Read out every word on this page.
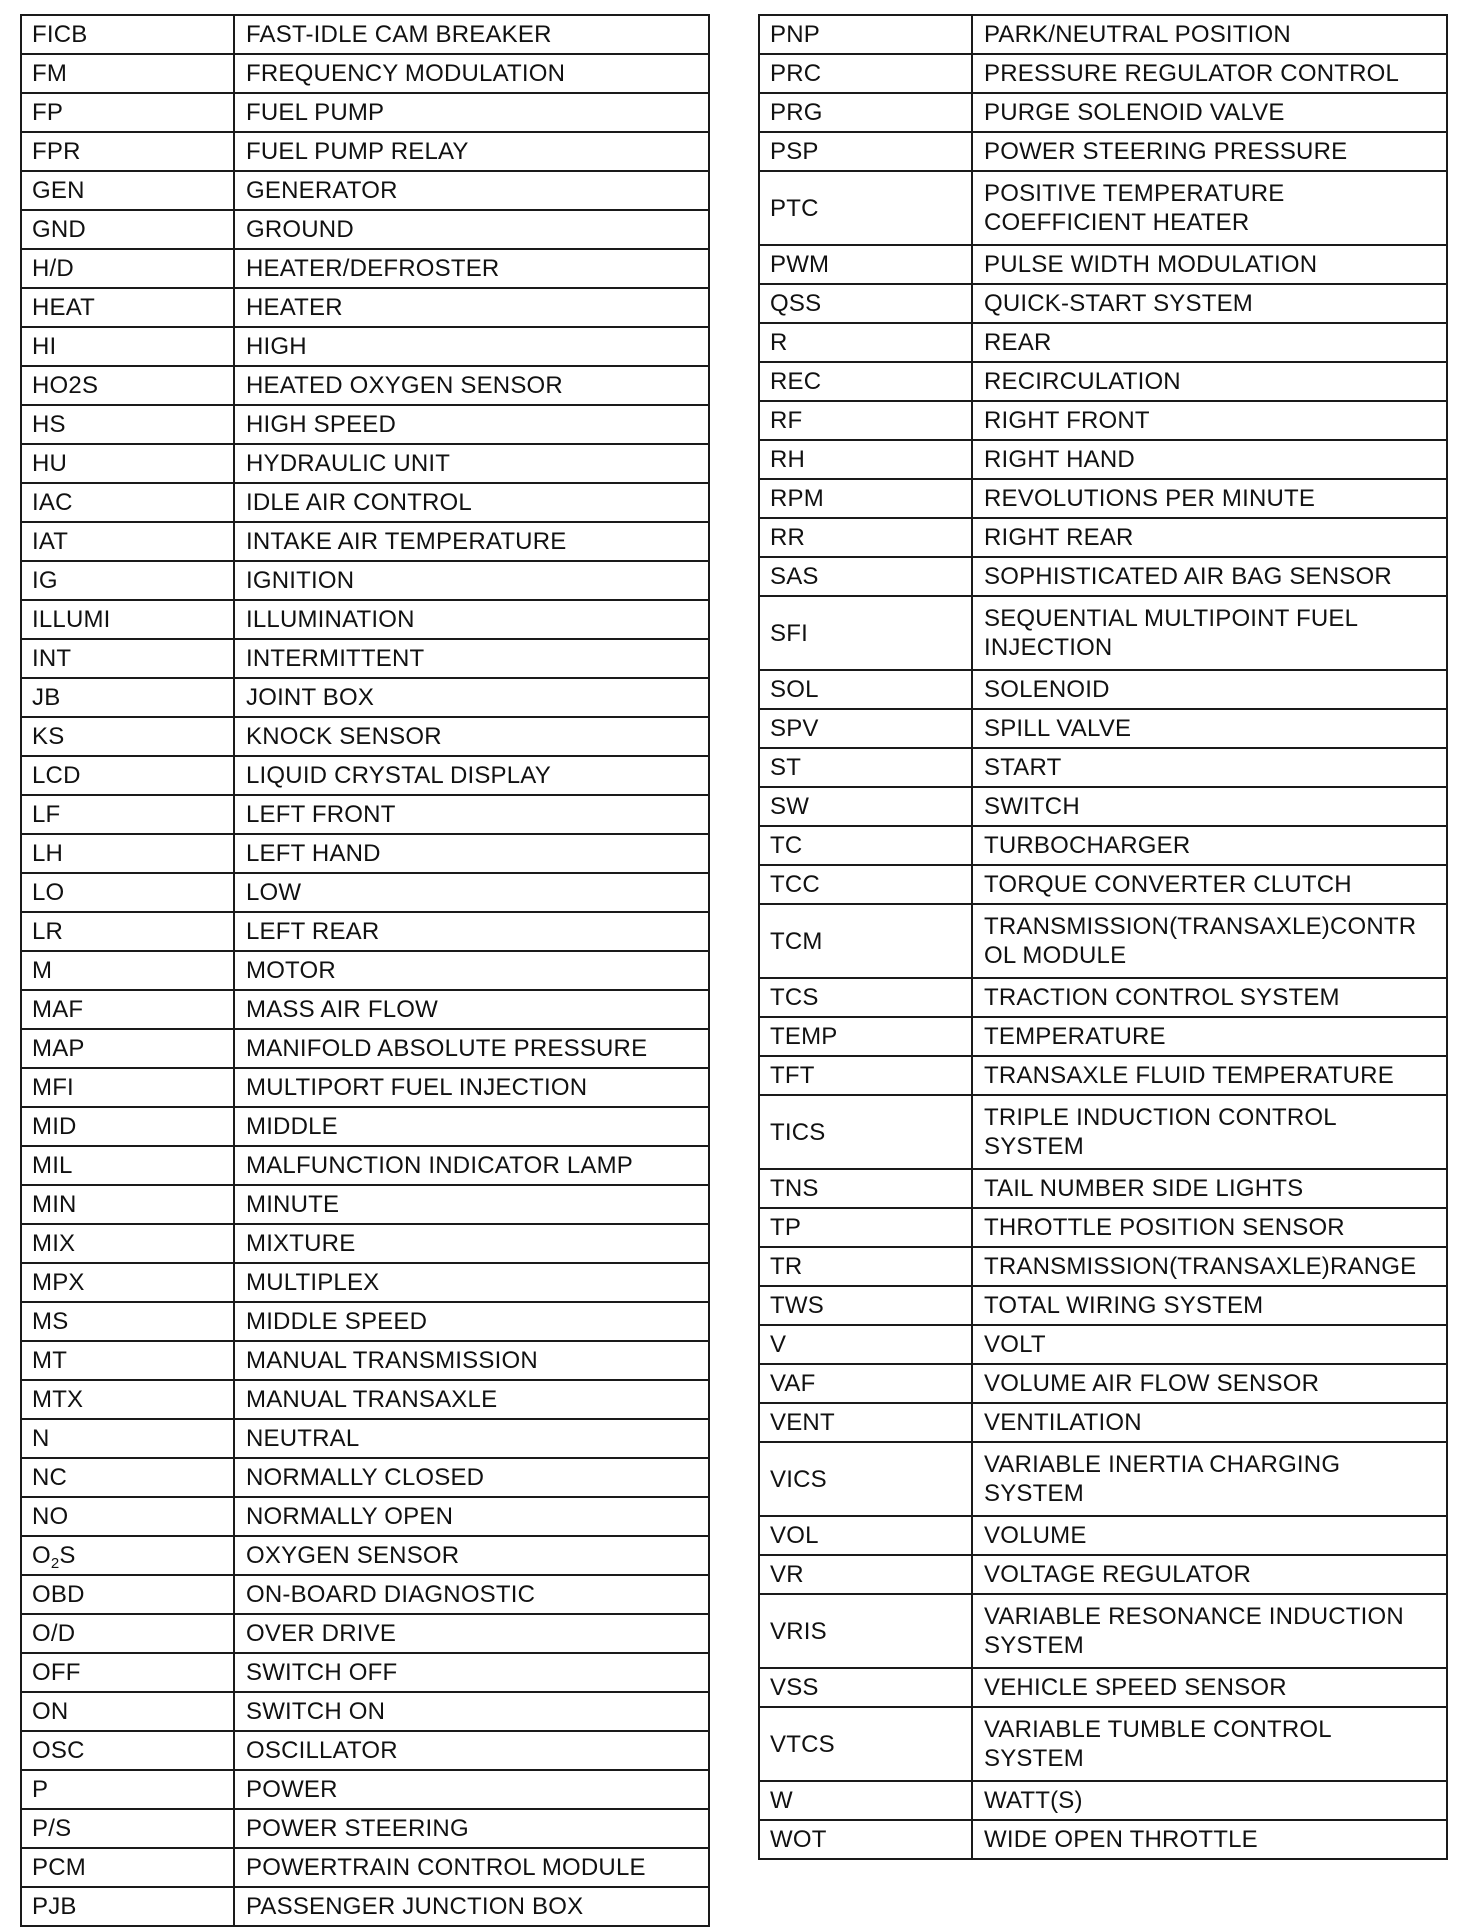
FICB	FAST-IDLE CAM BREAKER
FM	FREQUENCY MODULATION
FP	FUEL PUMP
FPR	FUEL PUMP RELAY
GEN	GENERATOR
GND	GROUND
H/D	HEATER/DEFROSTER
HEAT	HEATER
HI	HIGH
HO2S	HEATED OXYGEN SENSOR
HS	HIGH SPEED
HU	HYDRAULIC UNIT
IAC	IDLE AIR CONTROL
IAT	INTAKE AIR TEMPERATURE
IG	IGNITION
ILLUMI	ILLUMINATION
INT	INTERMITTENT
JB	JOINT BOX
KS	KNOCK SENSOR
LCD	LIQUID CRYSTAL DISPLAY
LF	LEFT FRONT
LH	LEFT HAND
LO	LOW
LR	LEFT REAR
M	MOTOR
MAF	MASS AIR FLOW
MAP	MANIFOLD ABSOLUTE PRESSURE
MFI	MULTIPORT FUEL INJECTION
MID	MIDDLE
MIL	MALFUNCTION INDICATOR LAMP
MIN	MINUTE
MIX	MIXTURE
MPX	MULTIPLEX
MS	MIDDLE SPEED
MT	MANUAL TRANSMISSION
MTX	MANUAL TRANSAXLE
N	NEUTRAL
NC	NORMALLY CLOSED
NO	NORMALLY OPEN
$O_2S$	OXYGEN SENSOR
OBD	ON-BOARD DIAGNOSTIC
O/D	OVER DRIVE
OFF	SWITCH OFF
ON	SWITCH ON
OSC	OSCILLATOR
P	POWER
P/S	POWER STEERING
PCM	POWERTRAIN CONTROL MODULE
PJB	PASSENGER JUNCTION BOX
PNP	PARK/NEUTRAL POSITION
PRC	PRESSURE REGULATOR CONTROL
PRG	PURGE SOLENOID VALVE
PSP	POWER STEERING PRESSURE
PTC	POSITIVE TEMPERATURE
COEFFICIENT HEATER

PWM	PULSE WIDTH MODULATION
QSS	QUICK-START SYSTEM
R	REAR
REC	RECIRCULATION
RF	RIGHT FRONT
RH	RIGHT HAND
RPM	REVOLUTIONS PER MINUTE
RR	RIGHT REAR
SAS	SOPHISTICATED AIR BAG SENSOR
SFI	SEQUENTIAL MULTIPOINT FUEL
INJECTION

SOL	SOLENOID
SPV	SPILL VALVE
ST	START
SW	SWITCH
TC	TURBOCHARGER
TCC	TORQUE CONVERTER CLUTCH
TCM	TRANSMISSION(TRANSAXLE)CONTR
OL MODULE

TCS	TRACTION CONTROL SYSTEM
TEMP	TEMPERATURE
TFT	TRANSAXLE FLUID TEMPERATURE
TICS	TRIPLE INDUCTION CONTROL
SYSTEM

TNS	TAIL NUMBER SIDE LIGHTS
TP	THROTTLE POSITION SENSOR
TR	TRANSMISSION(TRANSAXLE)RANGE
TWS	TOTAL WIRING SYSTEM
V	VOLT
VAF	VOLUME AIR FLOW SENSOR
VENT	VENTILATION
VICS	VARIABLE INERTIA CHARGING
SYSTEM

VOL	VOLUME
VR	VOLTAGE REGULATOR
VRIS	VARIABLE RESONANCE INDUCTION
SYSTEM

VSS	VEHICLE SPEED SENSOR
VTCS	VARIABLE TUMBLE CONTROL
SYSTEM

W	WATT(S)
WOT	WIDE OPEN THROTTLE
